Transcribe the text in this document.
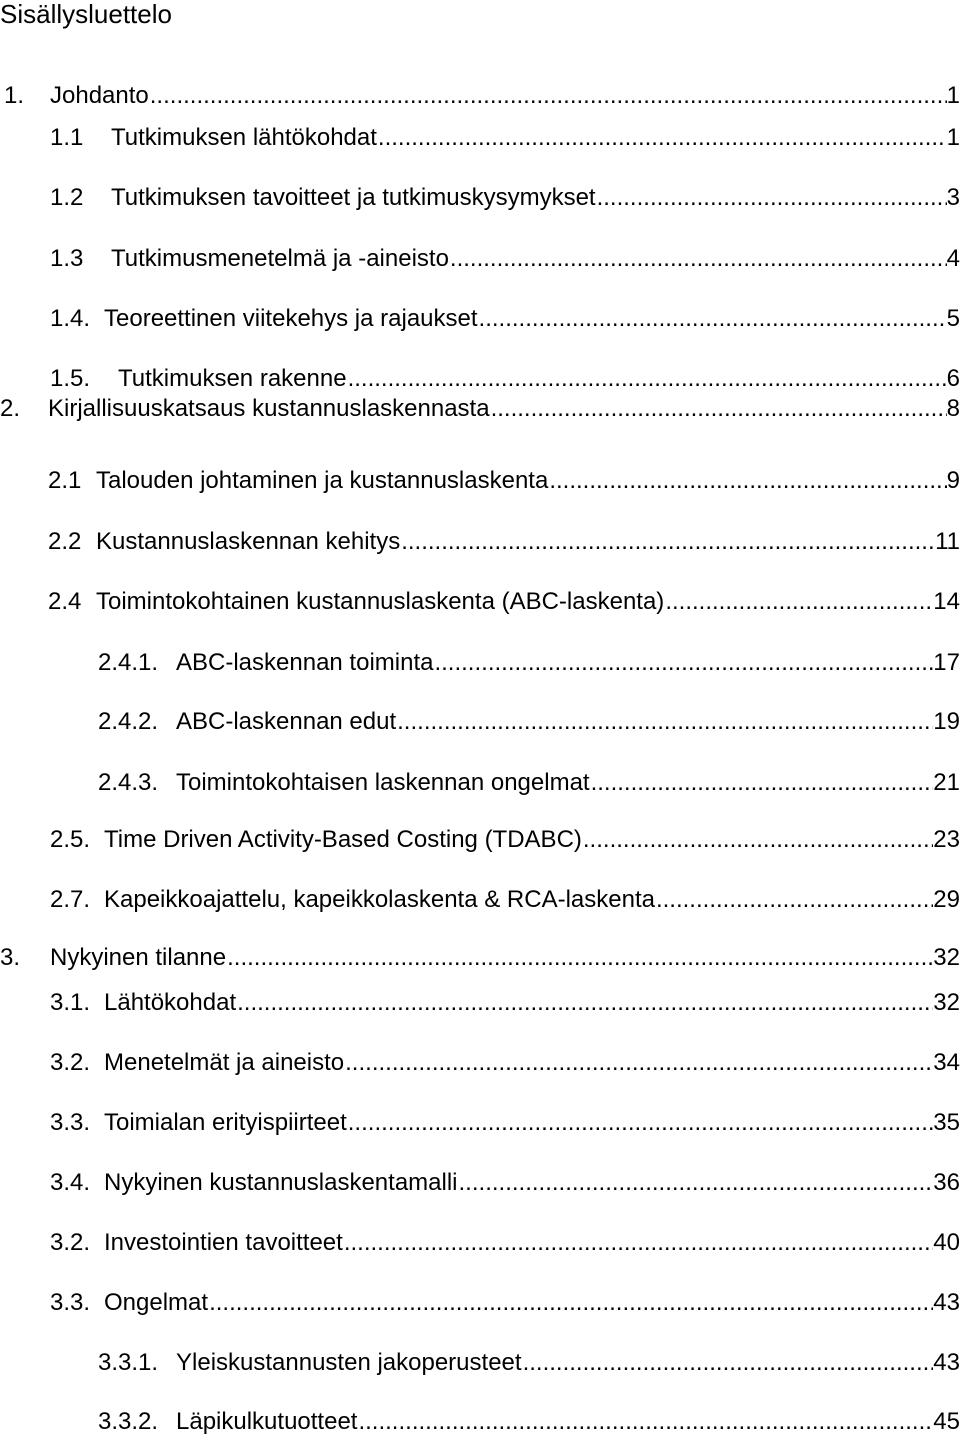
Sisällysluettelo
1. Johdanto .....	1
1.1 Tutkimuksen lähtökohdat .....	1
1.2 Tutkimuksen tavoitteet ja tutkimuskysymykset .....	3
1.3 Tutkimusmenetelmä ja -aineisto .....	4
1.4. Teoreettinen viitekehys ja rajaukset .....	5
1.5. Tutkimuksen rakenne .....	6
2. Kirjallisuuskatsaus kustannuslaskennasta .....	8
2.1 Talouden johtaminen ja kustannuslaskenta .....	9
2.2 Kustannuslaskennan kehitys .....	11
2.4 Toimintokohtainen kustannuslaskenta (ABC-laskenta) .....	14
2.4.1. ABC-laskennan toiminta .....	17
2.4.2. ABC-laskennan edut .....	19
2.4.3. Toimintokohtaisen laskennan ongelmat .....	21
2.5. Time Driven Activity-Based Costing (TDABC) .....	23
2.7. Kapeikkoajattelu, kapeikkolaskenta & RCA-laskenta .....	29
3. Nykyinen tilanne .....	32
3.1. Lähtökohdat .....	32
3.2. Menetelmät ja aineisto .....	34
3.3. Toimialan erityispiirteet .....	35
3.4. Nykyinen kustannuslaskentamalli .....	36
3.2. Investointien tavoitteet .....	40
3.3. Ongelmat .....	43
3.3.1. Yleiskustannusten jakoperusteet .....	43
3.3.2. Läpikulkutuotteet .....	45
